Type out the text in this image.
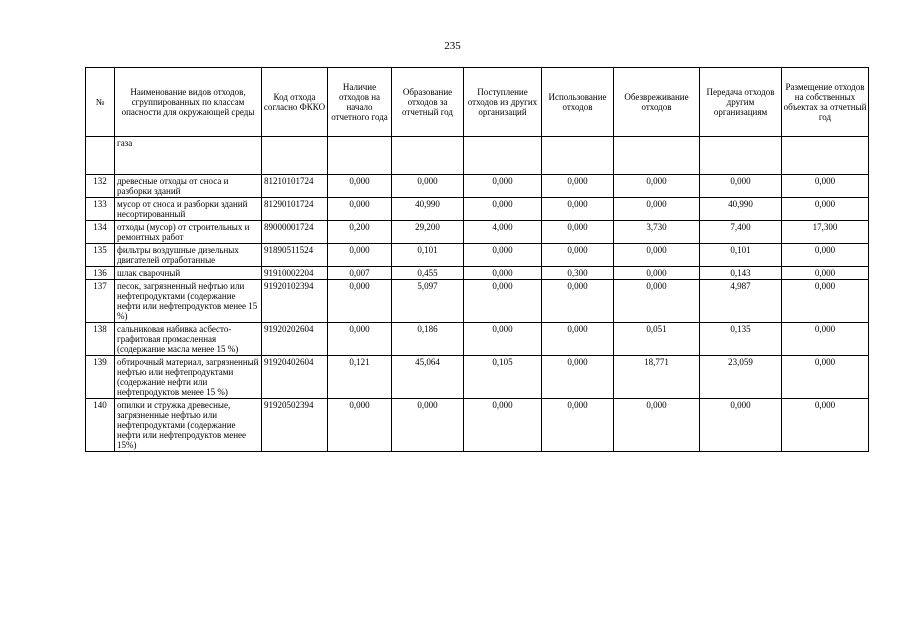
235
№	Наименование видов отходов, сгруппированных по классам опасности для окружающей среды	Код отхода согласно ФККО	Наличие отходов на начало отчетного года	Образование отходов за отчетный год	Поступление отходов из других организаций	Использование отходов	Обезвреживание отходов	Передача отходов другим организациям	Размещение отходов на собственных объектах за отчетный год
	газа								
132	древесные отходы от сноса и разборки зданий	81210101724	0,000	0,000	0,000	0,000	0,000	0,000	0,000
133	мусор от сноса и разборки зданий несортированный	81290101724	0,000	40,990	0,000	0,000	0,000	40,990	0,000
134	отходы (мусор) от строительных и ремонтных работ	89000001724	0,200	29,200	4,000	0,000	3,730	7,400	17,300
135	фильтры воздушные дизельных двигателей отработанные	91890511524	0,000	0,101	0,000	0,000	0,000	0,101	0,000
136	шлак сварочный	91910002204	0,007	0,455	0,000	0,300	0,000	0,143	0,000
137	песок, загрязненный нефтью или нефтепродуктами (содержание нефти или нефтепродуктов менее 15 %)	91920102394	0,000	5,097	0,000	0,000	0,000	4,987	0,000
138	сальниковая набивка асбесто-графитовая промасленная (содержание масла менее 15 %)	91920202604	0,000	0,186	0,000	0,000	0,051	0,135	0,000
139	обтирочный материал, загрязненный нефтью или нефтепродуктами (содержание нефти или нефтепродуктов менее 15 %)	91920402604	0,121	45,064	0,105	0,000	18,771	23,059	0,000
140	опилки и стружка древесные, загрязненные нефтью или нефтепродуктами (содержание нефти или нефтепродуктов менее 15%)	91920502394	0,000	0,000	0,000	0,000	0,000	0,000	0,000
